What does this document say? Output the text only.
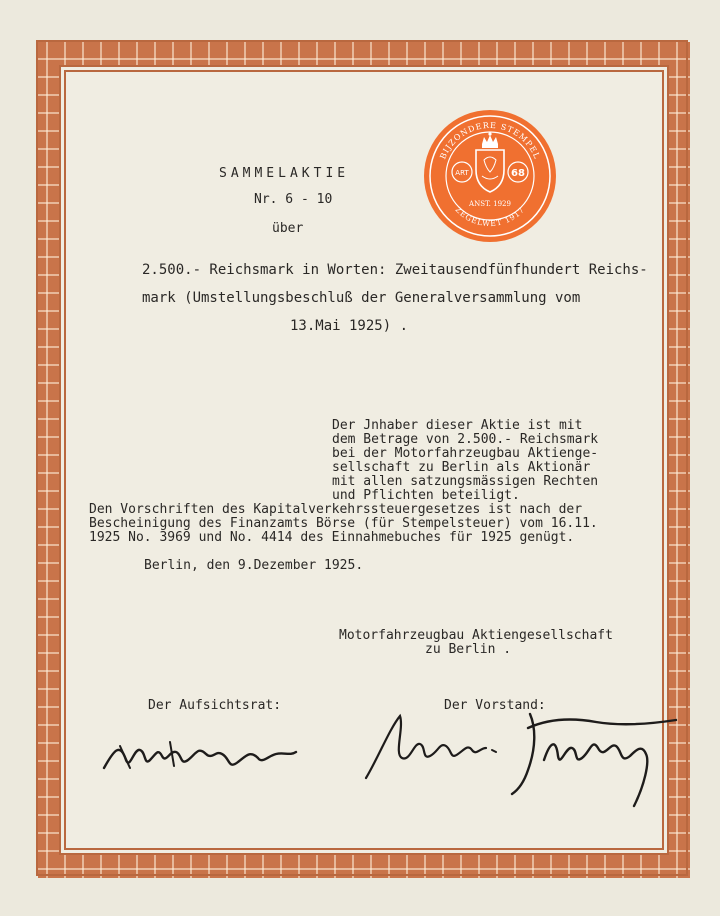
BIJZONDERE STEMPEL
ZEGELWET 1917
ART	68
ANST. 1929
SAMMELAKTIE
Nr. 6 - 10
über
2.500.- Reichsmark in Worten: Zweitausendfünfhundert Reichs-
mark (Umstellungsbeschluß der Generalversammlung vom
13.Mai 1925) .
Der Jnhaber dieser Aktie ist mit
dem Betrage von 2.500.- Reichsmark
bei der Motorfahrzeugbau Aktienge-
sellschaft zu Berlin als Aktionär
mit allen satzungsmässigen Rechten
und Pflichten beteiligt.
Den Vorschriften des Kapitalverkehrssteuergesetzes ist nach der
Bescheinigung des Finanzamts Börse (für Stempelsteuer) vom 16.11.
1925 No. 3969 und No. 4414 des Einnahmebuches für 1925 genügt.
Berlin, den 9.Dezember 1925.
Motorfahrzeugbau Aktiengesellschaft
zu Berlin .
Der Aufsichtsrat:	Der Vorstand:
